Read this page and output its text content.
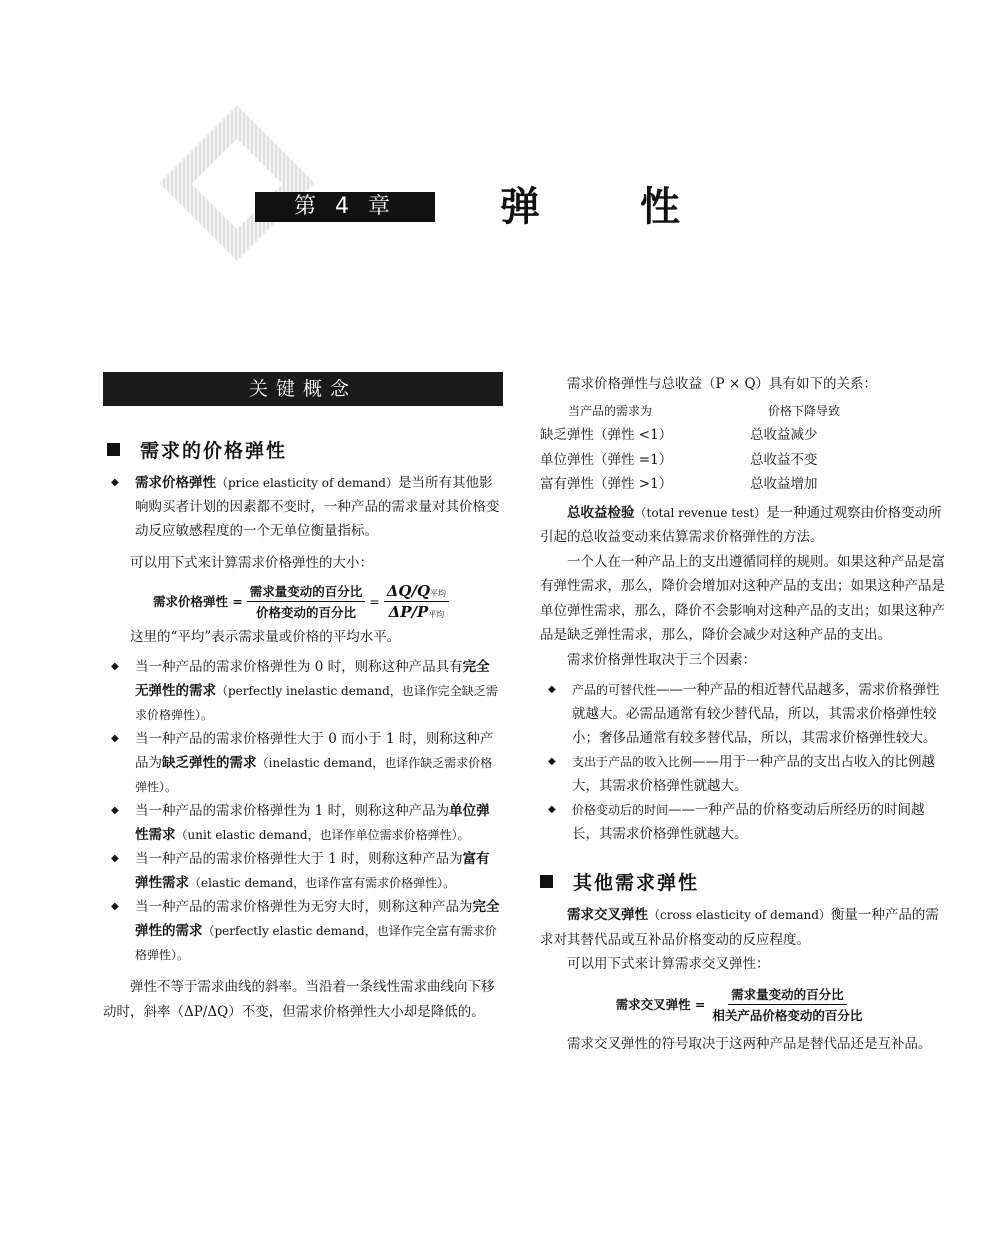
第 4 章	弹性
关键概念
需求的价格弹性

◆ 需求价格弹性（price elasticity of demand）是当所有其他影响购买者计划的因素都不变时，一种产品的需求量对其价格变动反应敏感程度的一个无单位衡量指标。

可以用下式来计算需求价格弹性的大小：

需求价格弹性 = $\frac{\text{需求量变动的百分比}}{\text{价格变动的百分比}} = \frac{\text{ΔQ/Q平均}}{\text{ΔP/P平均}}$

这里的“平均”表示需求量或价格的平均水平。

◆ 当一种产品的需求价格弹性为 0 时，则称这种产品具有完全无弹性的需求（perfectly inelastic demand，也译作完全缺乏需求价格弹性）。

◆ 当一种产品的需求价格弹性大于 0 而小于 1 时，则称这种产品为缺乏弹性的需求（inelastic demand，也译作缺乏需求价格弹性）。

◆ 当一种产品的需求价格弹性为 1 时，则称这种产品为单位弹性需求（unit elastic demand，也译作单位需求价格弹性）。

◆ 当一种产品的需求价格弹性大于 1 时，则称这种产品为富有弹性需求（elastic demand，也译作富有需求价格弹性）。

◆ 当一种产品的需求价格弹性为无穷大时，则称这种产品为完全弹性的需求（perfectly elastic demand，也译作完全富有需求价格弹性）。

弹性不等于需求曲线的斜率。当沿着一条线性需求曲线向下移动时，斜率（ΔP/ΔQ）不变，但需求价格弹性大小却是降低的。

需求价格弹性与总收益（P × Q）具有如下的关系：

当产品的需求为	价格下降导致
缺乏弹性（弹性 <1）	总收益减少
单位弹性（弹性 =1）	总收益不变
富有弹性（弹性 >1）	总收益增加

总收益检验（total revenue test）是一种通过观察由价格变动所引起的总收益变动来估算需求价格弹性的方法。

一个人在一种产品上的支出遵循同样的规则。如果这种产品是富有弹性需求，那么，降价会增加对这种产品的支出；如果这种产品是单位弹性需求，那么，降价不会影响对这种产品的支出；如果这种产品是缺乏弹性需求，那么，降价会减少对这种产品的支出。

需求价格弹性取决于三个因素：

◆ 产品的可替代性——一种产品的相近替代品越多，需求价格弹性就越大。必需品通常有较少替代品，所以，其需求价格弹性较小；奢侈品通常有较多替代品，所以，其需求价格弹性较大。

◆ 支出于产品的收入比例——用于一种产品的支出占收入的比例越大，其需求价格弹性就越大。

◆ 价格变动后的时间——一种产品的价格变动后所经历的时间越长，其需求价格弹性就越大。

其他需求弹性

需求交叉弹性（cross elasticity of demand）衡量一种产品的需求对其替代品或互补品价格变动的反应程度。

可以用下式来计算需求交叉弹性：

需求交叉弹性 = $\frac{\text{需求量变动的百分比}}{\text{相关产品价格变动的百分比}}$

需求交叉弹性的符号取决于这两种产品是替代品还是互补品。
